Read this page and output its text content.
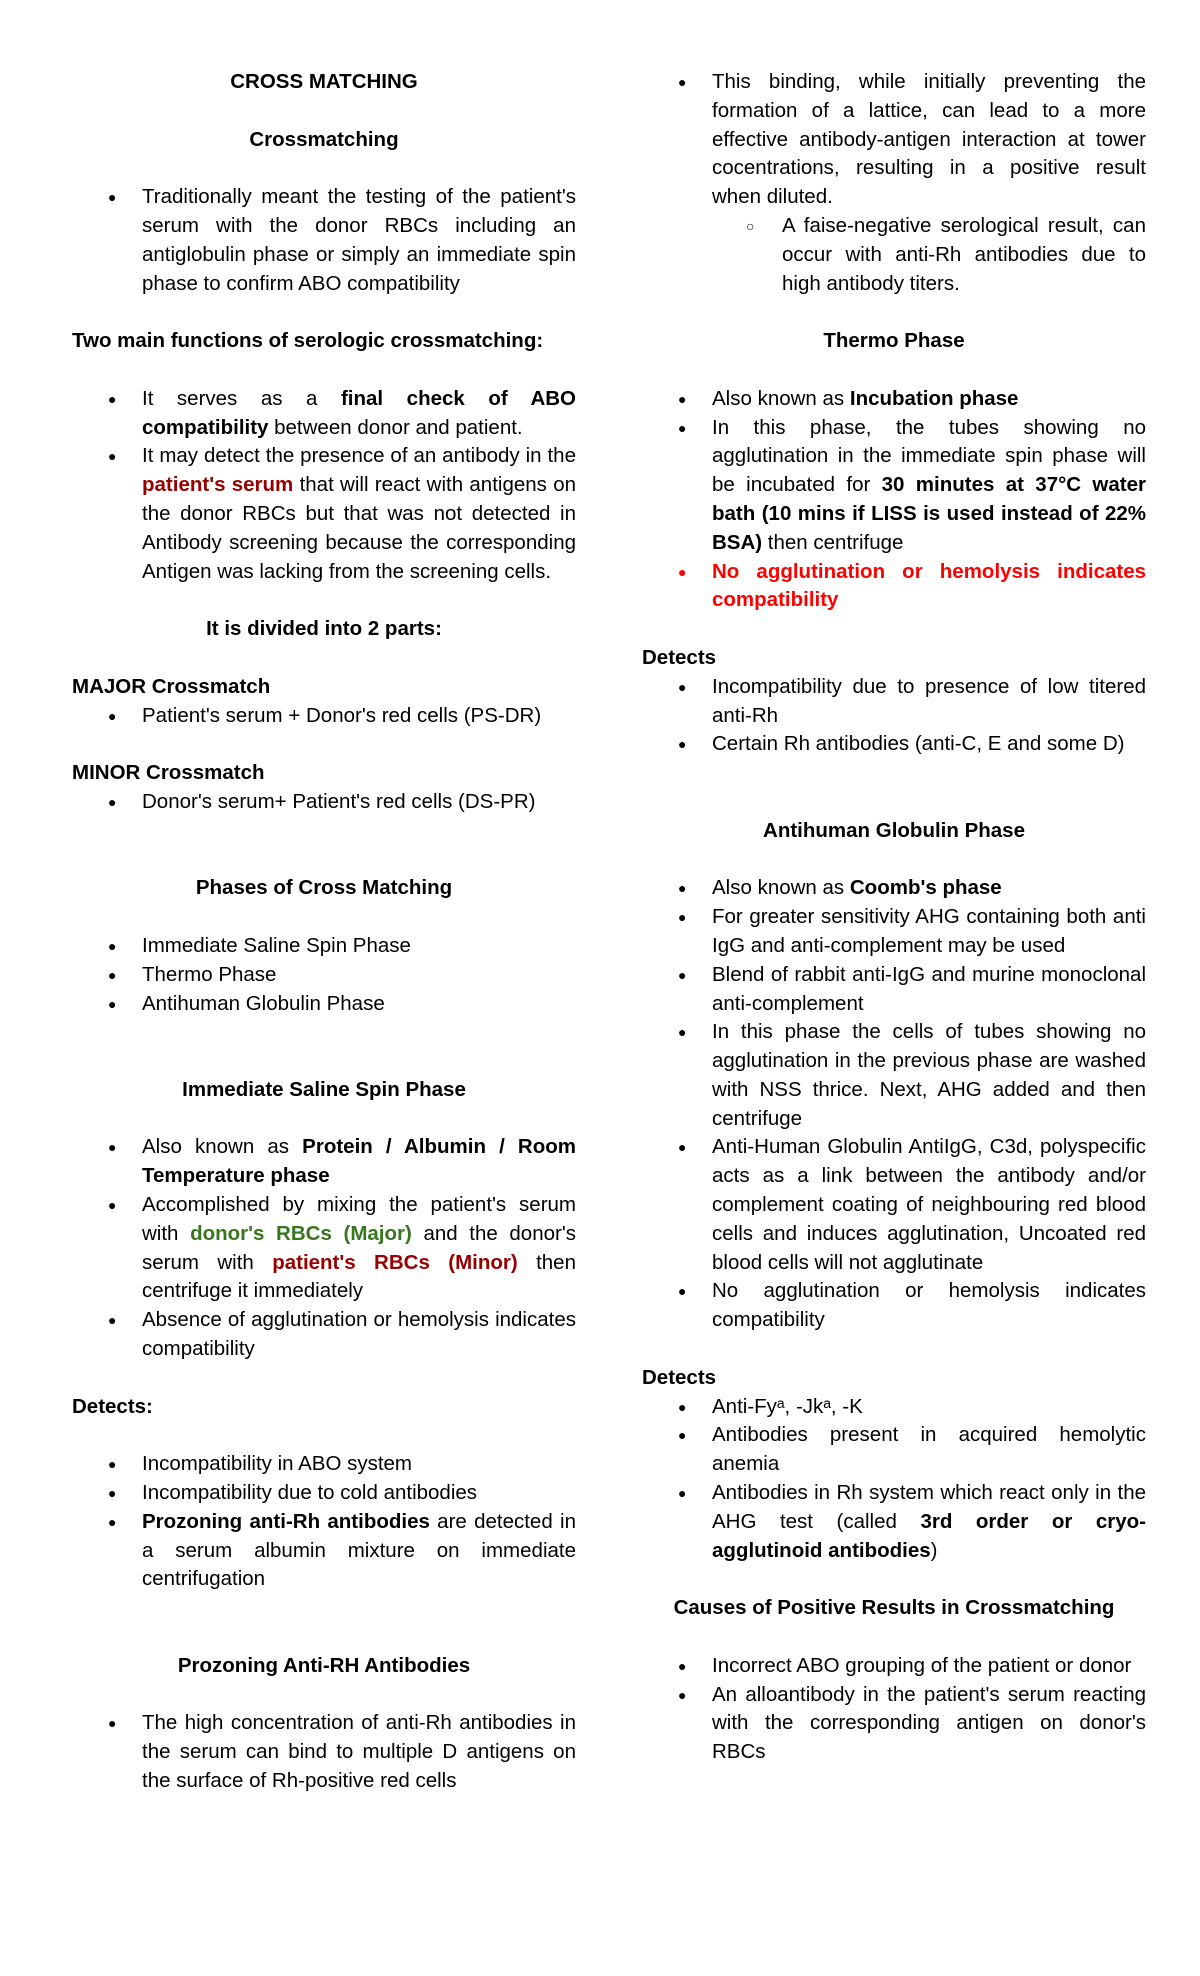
CROSS MATCHING

Crossmatching

● Traditionally meant the testing of the patient's serum with the donor RBCs including an antiglobulin phase or simply an immediate spin phase to confirm ABO compatibility

Two main functions of serologic crossmatching:

● It serves as a final check of ABO compatibility between donor and patient.
● It may detect the presence of an antibody in the patient's serum that will react with antigens on the donor RBCs but that was not detected in Antibody screening because the corresponding Antigen was lacking from the screening cells.

It is divided into 2 parts:

MAJOR Crossmatch

● Patient's serum + Donor's red cells (PS-DR)

MINOR Crossmatch

● Donor's serum+ Patient's red cells (DS-PR)

Phases of Cross Matching

● Immediate Saline Spin Phase
● Thermo Phase
● Antihuman Globulin Phase

Immediate Saline Spin Phase

● Also known as Protein / Albumin / Room Temperature phase
● Accomplished by mixing the patient's serum with donor's RBCs (Major) and the donor's serum with patient's RBCs (Minor) then centrifuge it immediately
● Absence of agglutination or hemolysis indicates compatibility

Detects:

● Incompatibility in ABO system
● Incompatibility due to cold antibodies
● Prozoning anti-Rh antibodies are detected in a serum albumin mixture on immediate centrifugation

Prozoning Anti-RH Antibodies

● The high concentration of anti-Rh antibodies in the serum can bind to multiple D antigens on the surface of Rh-positive red cells
● This binding, while initially preventing the formation of a lattice, can lead to a more effective antibody-antigen interaction at tower cocentrations, resulting in a positive result when diluted.
○ A faise-negative serological result, can occur with anti-Rh antibodies due to high antibody titers.

Thermo Phase

● Also known as Incubation phase
● In this phase, the tubes showing no agglutination in the immediate spin phase will be incubated for 30 minutes at 37°C water bath (10 mins if LISS is used instead of 22% BSA) then centrifuge
● No agglutination or hemolysis indicates compatibility

Detects

● Incompatibility due to presence of low titered anti-Rh
● Certain Rh antibodies (anti-C, E and some D)

Antihuman Globulin Phase

● Also known as Coomb's phase
● For greater sensitivity AHG containing both anti IgG and anti-complement may be used
● Blend of rabbit anti-IgG and murine monoclonal anti-complement
● In this phase the cells of tubes showing no agglutination in the previous phase are washed with NSS thrice. Next, AHG added and then centrifuge
● Anti-Human Globulin AntiIgG, C3d, polyspecific acts as a link between the antibody and/or complement coating of neighbouring red blood cells and induces agglutination, Uncoated red blood cells will not agglutinate
● No agglutination or hemolysis indicates compatibility

Detects

● Anti-Fyᵃ, -Jkᵃ, -K
● Antibodies present in acquired hemolytic anemia
● Antibodies in Rh system which react only in the AHG test (called 3rd order or cryo-agglutinoid antibodies)

Causes of Positive Results in Crossmatching

● Incorrect ABO grouping of the patient or donor
● An alloantibody in the patient's serum reacting with the corresponding antigen on donor's RBCs
